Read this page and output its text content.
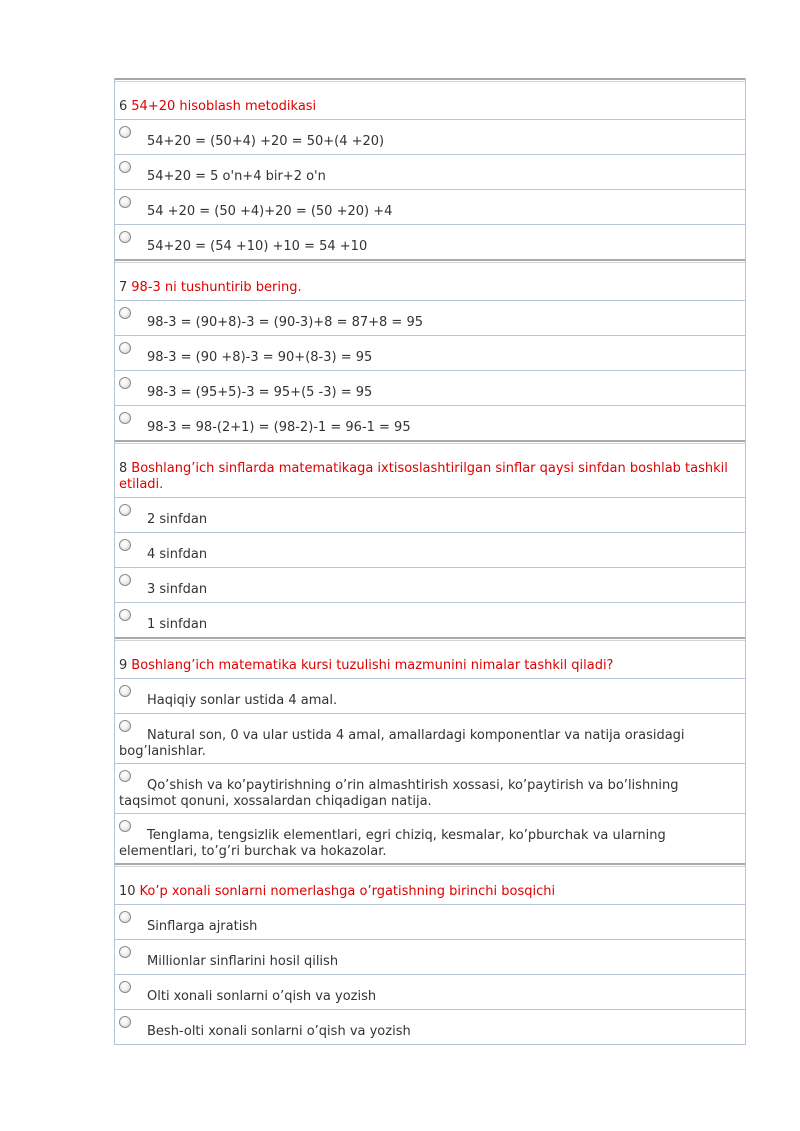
6 54+20 hisoblash metodikasi
54+20 = (50+4) +20 = 50+(4 +20)
54+20 = 5 o'n+4 bir+2 o'n
54 +20 = (50 +4)+20 = (50 +20) +4
54+20 = (54 +10) +10 = 54 +10
7 98-3 ni tushuntirib bering.
98-3 = (90+8)-3 = (90-3)+8 = 87+8 = 95
98-3 = (90 +8)-3 = 90+(8-3) = 95
98-3 = (95+5)-3 = 95+(5 -3) = 95
98-3 = 98-(2+1) = (98-2)-1 = 96-1 = 95
8 Boshlang’ich sinflarda matematikaga ixtisoslashtirilgan sinflar qaysi sinfdan boshlab tashkil etiladi.
2 sinfdan
4 sinfdan
3 sinfdan
1 sinfdan
9 Boshlang’ich matematika kursi tuzulishi mazmunini nimalar tashkil qiladi?
Haqiqiy sonlar ustida 4 amal.
Natural son, 0 va ular ustida 4 amal, amallardagi komponentlar va natija orasidagi bog’lanishlar.
Qo’shish va ko’paytirishning o’rin almashtirish xossasi, ko’paytirish va bo’lishning taqsimot qonuni, xossalardan chiqadigan natija.
Tenglama, tengsizlik elementlari, egri chiziq, kesmalar, ko’pburchak va ularning elementlari, to’g’ri burchak va hokazolar.
10 Ko’p xonali sonlarni nomerlashga o’rgatishning birinchi bosqichi
Sinflarga ajratish
Millionlar sinflarini hosil qilish
Olti xonali sonlarni o’qish va yozish
Besh-olti xonali sonlarni o’qish va yozish
